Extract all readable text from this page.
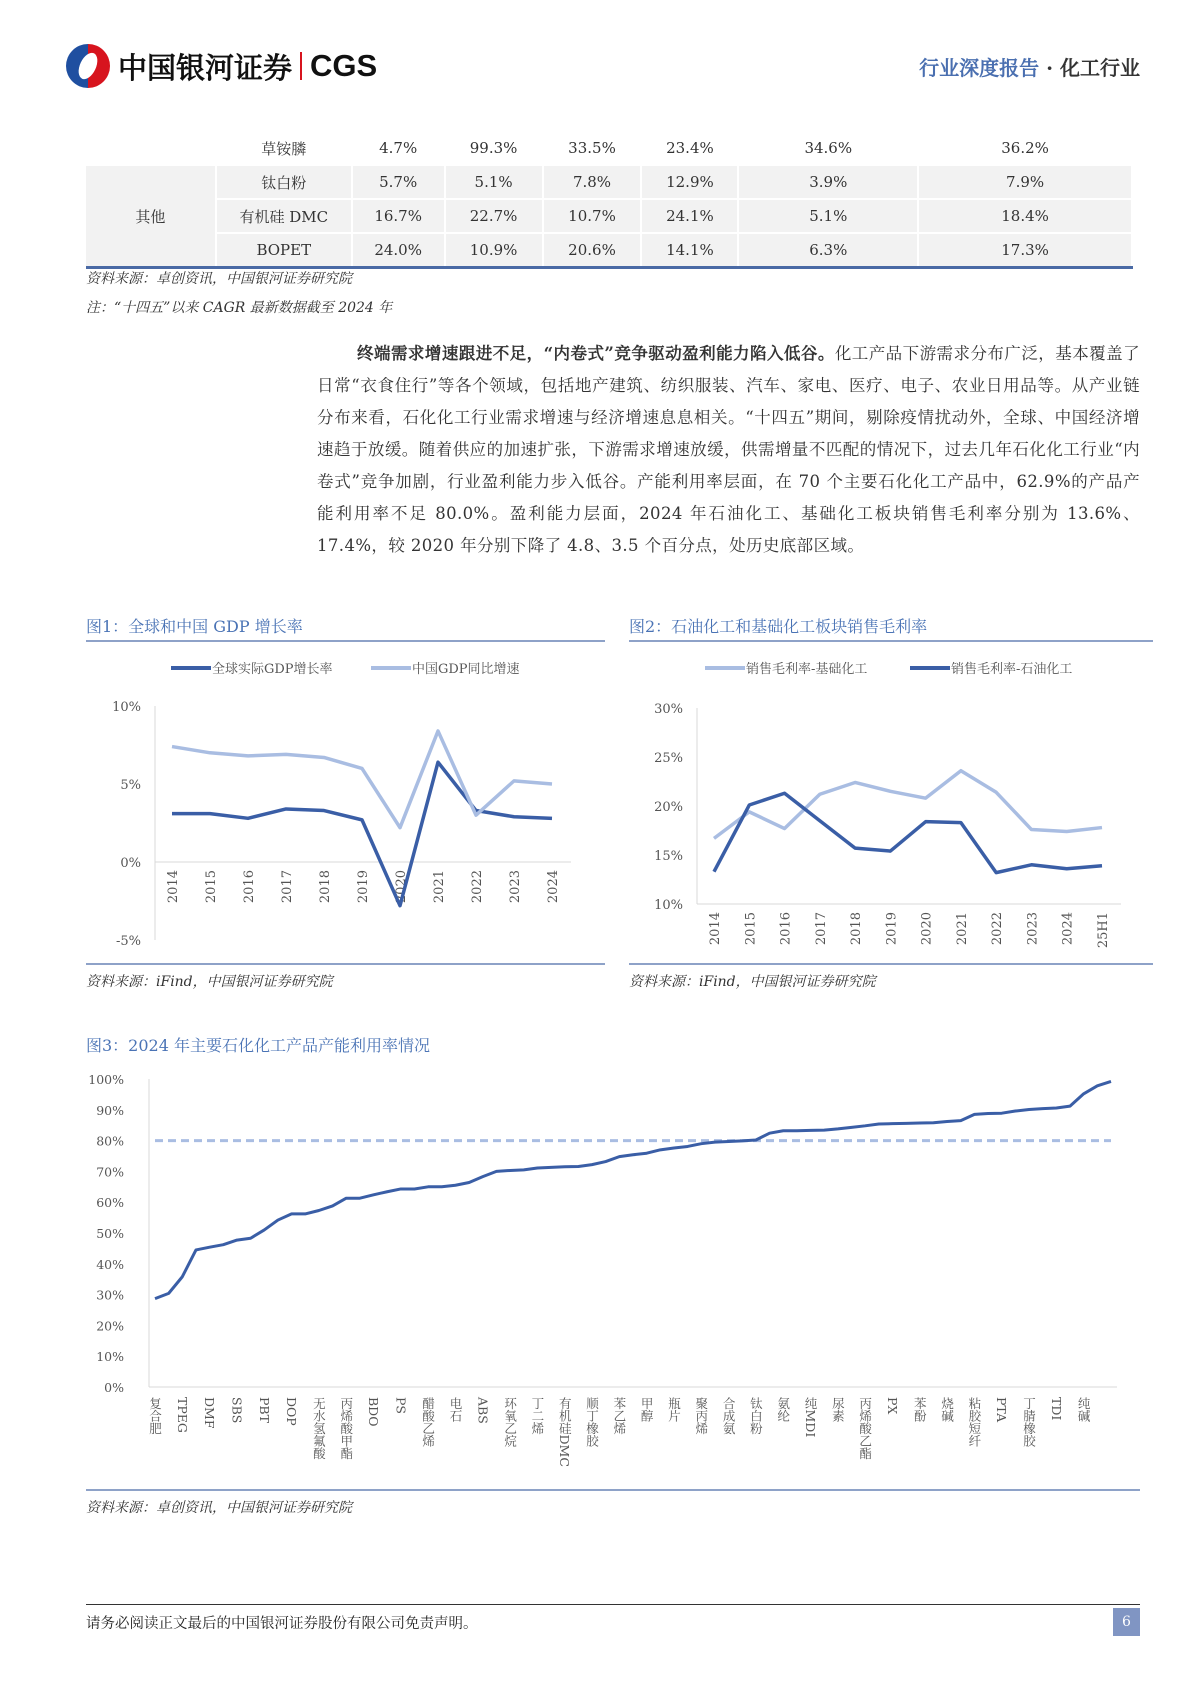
中国银河证券 CGS	行业深度报告 · 化工行业
	草铵膦	4.7%	99.3%	33.5%	23.4%	34.6%	36.2%
其他	钛白粉	5.7%	5.1%	7.8%	12.9%	3.9%	7.9%
	有机硅 DMC	16.7%	22.7%	10.7%	24.1%	5.1%	18.4%
	BOPET	24.0%	10.9%	20.6%	14.1%	6.3%	17.3%
资料来源：卓创资讯，中国银河证券研究院
注：“十四五”以来 CAGR 最新数据截至 2024 年
终端需求增速跟进不足，“内卷式”竞争驱动盈利能力陷入低谷。化工产品下游需求分布广泛，基本覆盖了日常“衣食住行”等各个领域，包括地产建筑、纺织服装、汽车、家电、医疗、电子、农业日用品等。从产业链分布来看，石化化工行业需求增速与经济增速息息相关。“十四五”期间，剔除疫情扰动外，全球、中国经济增速趋于放缓。随着供应的加速扩张，下游需求增速放缓，供需增量不匹配的情况下，过去几年石化化工行业“内卷式”竞争加剧，行业盈利能力步入低谷。产能利用率层面，在 70 个主要石化化工产品中，62.9%的产品产能利用率不足 80.0%。盈利能力层面，2024 年石油化工、基础化工板块销售毛利率分别为 13.6%、17.4%，较 2020 年分别下降了 4.8、3.5 个百分点，处历史底部区域。
图1：全球和中国 GDP 增长率	图2：石油化工和基础化工板块销售毛利率
10%
5%
0%
-5%
2014 2015 2016 2017 2018 2019 2020 2021 2022 2023 2024
全球实际GDP增长率	中国GDP同比增速
30%
25%
20%
15%
10%
2014 2015 2016 2017 2018 2019 2020 2021 2022 2023 2024 25H1
销售毛利率-基础化工	销售毛利率-石油化工
资料来源：iFind，中国银河证券研究院	资料来源：iFind，中国银河证券研究院
图3：2024 年主要石化化工产品产能利用率情况
100%
90%
80%
70%
60%
50%
40%
30%
20%
10%
0%
复合肥 TPEG DMF SBS PBT DOP 无水氢氟酸 丙烯酸甲酯 BDO PS 醋酸乙烯 电石 ABS 环氧乙烷 丁二烯 有机硅DMC 顺丁橡胶 苯乙烯 甲醇 瓶片 聚丙烯 合成氨 钛白粉 氨纶 纯MDI 尿素 丙烯酸乙酯 PX 苯酚 烧碱 粘胶短纤 PTA 丁腈橡胶 TDI 纯碱
资料来源：卓创资讯，中国银河证券研究院
请务必阅读正文最后的中国银河证券股份有限公司免责声明。	6
